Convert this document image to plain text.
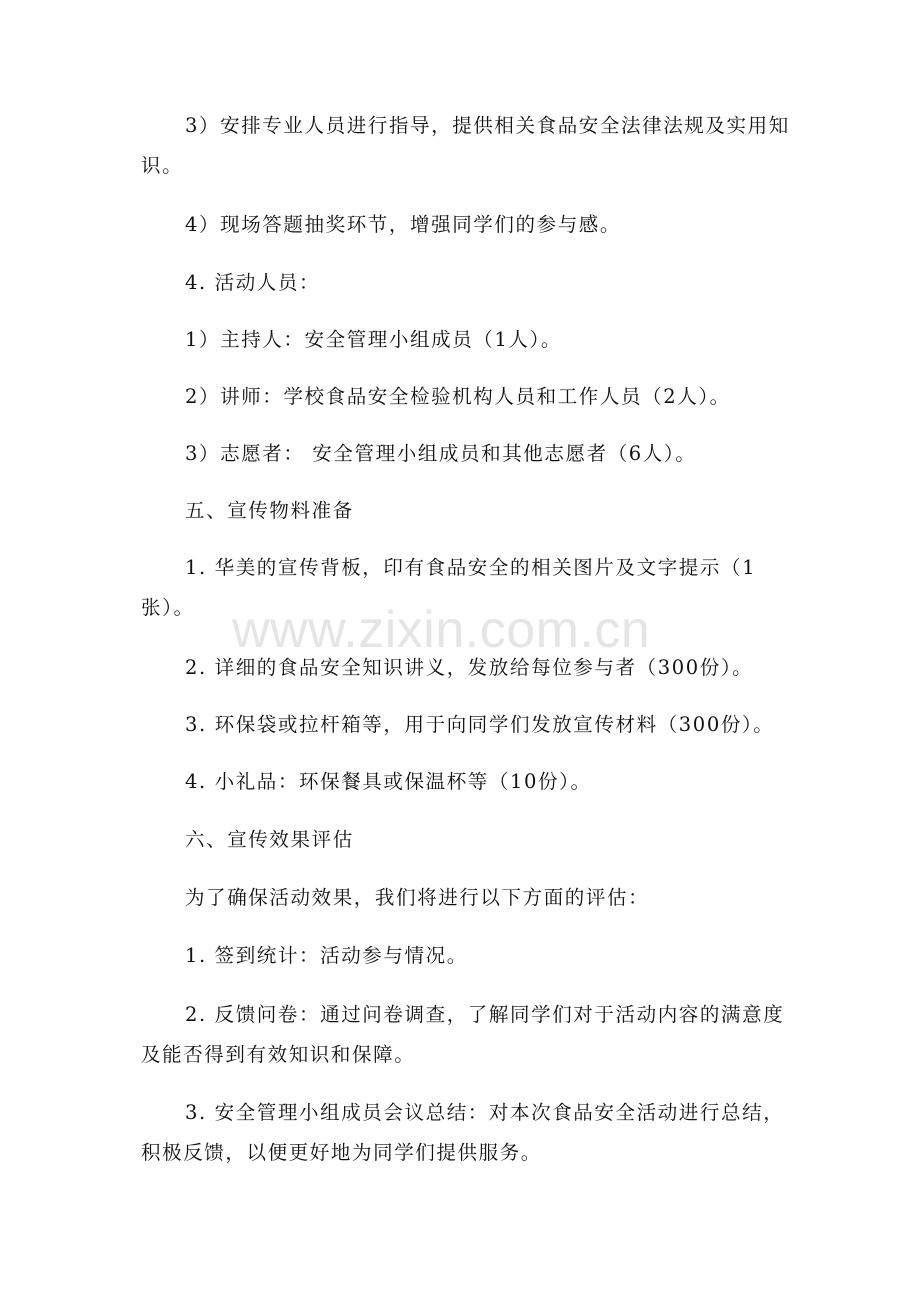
3）安排专业人员进行指导，提供相关食品安全法律法规及实用知识。

4）现场答题抽奖环节，增强同学们的参与感。

4. 活动人员：

1）主持人：安全管理小组成员（1人）。

2）讲师：学校食品安全检验机构人员和工作人员（2人）。

3）志愿者： 安全管理小组成员和其他志愿者（6人）。

五、宣传物料准备

1. 华美的宣传背板，印有食品安全的相关图片及文字提示（1张）。

2. 详细的食品安全知识讲义，发放给每位参与者（300份）。

3. 环保袋或拉杆箱等，用于向同学们发放宣传材料（300份）。

4. 小礼品：环保餐具或保温杯等（10份）。

六、宣传效果评估

为了确保活动效果，我们将进行以下方面的评估：

1. 签到统计：活动参与情况。

2. 反馈问卷：通过问卷调查，了解同学们对于活动内容的满意度及能否得到有效知识和保障。

3. 安全管理小组成员会议总结：对本次食品安全活动进行总结，积极反馈，以便更好地为同学们提供服务。

www.zixin.com.cn
